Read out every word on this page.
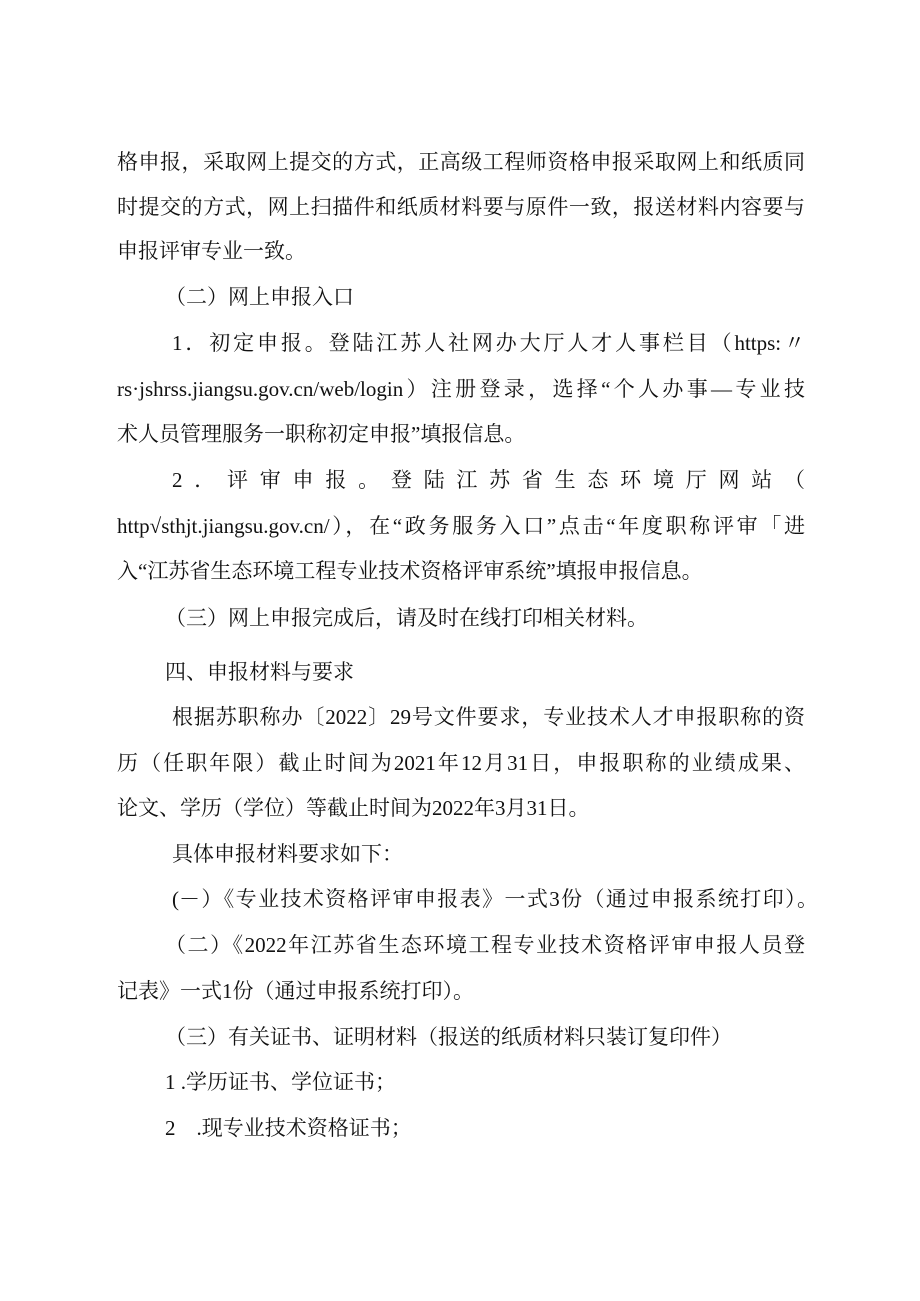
格申报，采取网上提交的方式，正高级工程师资格申报采取网上和纸质同
时提交的方式，网上扫描件和纸质材料要与原件一致，报送材料内容要与
申报评审专业一致。
（二）网上申报入口
1．初定申报。登陆江苏人社网办大厅人才人事栏目（https:〃
rs·jshrss.jiangsu.gov.cn/web/login）注册登录，选择“个人办事—专业技
术人员管理服务一职称初定申报”填报信息。
2．评审申报。登陆江苏省生态环境厅网站（
http√sthjt.jiangsu.gov.cn/），在“政务服务入口”点击“年度职称评审「进
入“江苏省生态环境工程专业技术资格评审系统”填报申报信息。
（三）网上申报完成后，请及时在线打印相关材料。
四、申报材料与要求
根据苏职称办〔2022〕29号文件要求，专业技术人才申报职称的资
历（任职年限）截止时间为2021年12月31日，申报职称的业绩成果、
论文、学历（学位）等截止时间为2022年3月31日。
具体申报材料要求如下：
(－）《专业技术资格评审申报表》一式3份（通过申报系统打印）。
（二）《2022年江苏省生态环境工程专业技术资格评审申报人员登
记表》一式1份（通过申报系统打印）。
（三）有关证书、证明材料（报送的纸质材料只装订复印件）
1 .学历证书、学位证书；
2　.现专业技术资格证书；
